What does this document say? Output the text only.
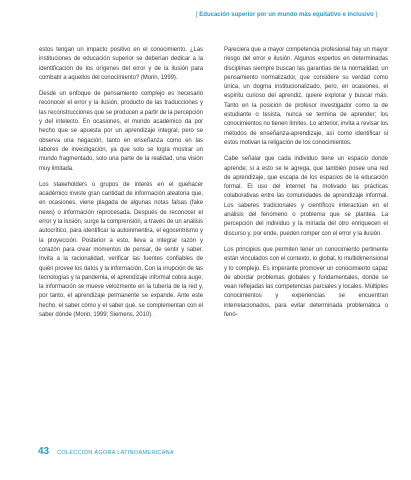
[ Educación superior por un mundo más equitativo e inclusivo ]

estos tengan un impacto positivo en el conocimiento. ¿Las instituciones de educación superior se deberían dedicar a la identificación de los orígenes del error y de la ilusión para combatir a aquellos del conocimiento? (Morin, 1999).

Desde un enfoque de pensamiento complejo es necesario reconocer el error y la ilusión, producto de las traducciones y las reconstrucciones que se producen a partir de la percepción y del intelecto. En ocasiones, el mundo académico da por hecho que se apuesta por un aprendizaje integral, pero se observa una negación, tanto en enseñanza como en las labores de investigación, ya que solo se logra mostrar un mundo fragmentado, solo una parte de la realidad, una visión muy limitada.

Los stakeholders o grupos de interés en el quehacer académico inviste gran cantidad de información aleatoria que, en ocasiones, viene plagada de algunas notas falsas (fake news) o información reprocesada. Después de reconocer el error y la ilusión, surge la comprensión, a través de un análisis autocrítico, para identificar la autoinmentira, el egocentrismo y la proyección. Posterior a esto, lleva a integrar razón y corazón para crear momentos de pensar, de sentir y saber. Invita a la racionalidad, verificar las fuentes confiables de quién provee los datos y la información. Con la irrupción de las tecnologías y la pandemia, el aprendizaje informal cobra auge; la información se mueve velozmente en la tubería de la red y, por tanto, el aprendizaje permanente se expande. Ante este hecho, el saber cómo y el saber qué, se complementan con el saber dónde (Morin, 1999; Siemens, 2010).

Pareciera que a mayor competencia profesional hay un mayor riesgo del error e ilusión. Algunos expertos en determinadas disciplinas siempre buscan las garantías de la normalidad, un pensamiento normalizador, que considere su verdad como única, un dogma institucionalizado, pero, en ocasiones, el espíritu curioso del aprendiz, quiere explorar y buscar más. Tanto en la posición de profesor investigador como la de estudiante o tesista, nunca se termina de aprender; los conocimientos no tienen límites. Lo anterior, invita a revisar los métodos de enseñanza-aprendizaje, así como identificar si estos motivan la religación de los conocimientos.

Cabe señalar que cada individuo tiene un espacio donde aprende; si a esto se le agrega, que también posee una red de aprendizaje, que escapa de los espacios de la educación formal. El uso del internet ha motivado las prácticas colaborativas entre las comunidades de aprendizaje informal. Los saberes tradicionales y científicos interactúan en el análisis del fenómeno o problema que se plantea. La percepción del individuo y la miríada del otro enriquecen el discurso y, por ende, pueden romper con el error y la ilusión.

Los principios que permiten tener un conocimiento pertinente están vinculados con el contexto, lo global, lo multidimensional y lo complejo. Es imperante promover un conocimiento capaz de abordar problemas globales y fundamentales, donde se vean reflejadas las competencias parciales y locales. Múltiples conocimientos y experiencias se encuentran interrelacionados, para evitar determinada problemática o fenó-

43 COLECCIÓN ÁGORA LATINOAMERICANA
